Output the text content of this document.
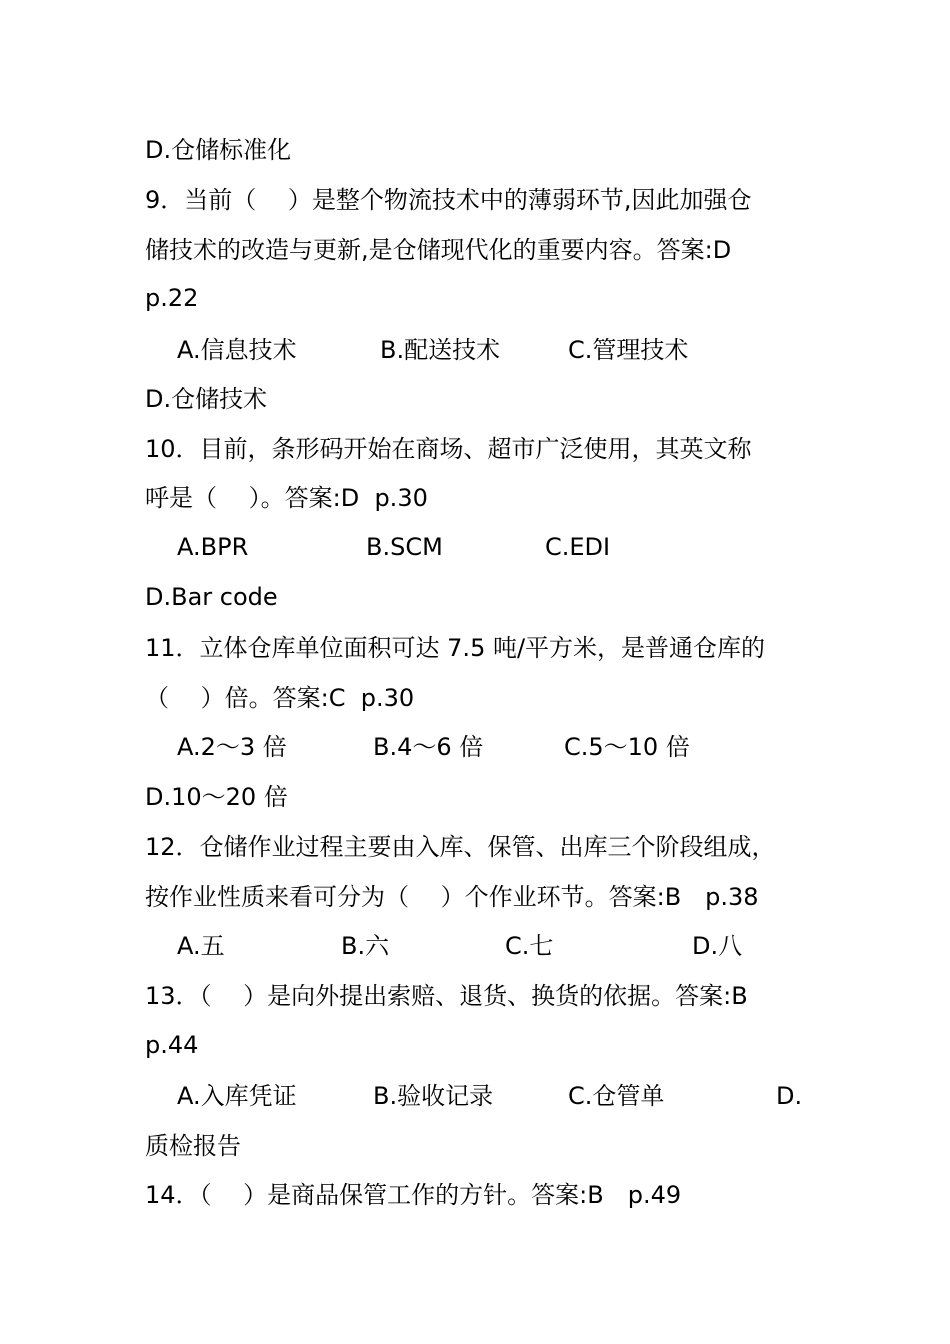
D.仓储标准化
9．当前（　 ）是整个物流技术中的薄弱环节,因此加强仓
储技术的改造与更新,是仓储现代化的重要内容。答案:D
p.22
A.信息技术	B.配送技术	C.管理技术
D.仓储技术
10．目前，条形码开始在商场、超市广泛使用，其英文称
呼是（　 ）。答案:D  p.30
A.BPR	B.SCM	C.EDI
D.Bar code
11．立体仓库单位面积可达 7.5 吨/平方米，是普通仓库的
（　 ）倍。答案:C  p.30
A.2～3 倍	B.4～6 倍	C.5～10 倍
D.10～20 倍
12．仓储作业过程主要由入库、保管、出库三个阶段组成，
按作业性质来看可分为（　 ）个作业环节。答案:B　p.38
A.五	B.六	C.七	D.八
13．（　 ）是向外提出索赔、退货、换货的依据。答案:B
p.44
A.入库凭证	B.验收记录	C.仓管单	D.
质检报告
14．（　 ）是商品保管工作的方针。答案:B　p.49
